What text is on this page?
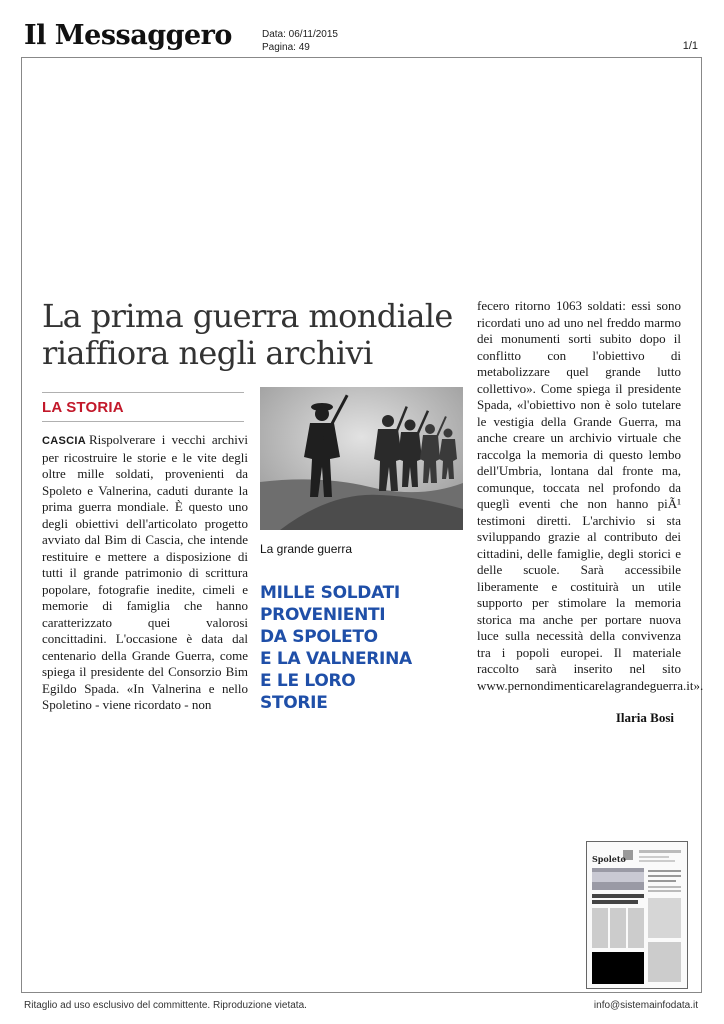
Il Messaggero	Data: 06/11/2015
Pagina: 49	1/1
La prima guerra mondiale
riaffiora negli archivi
LA STORIA

CASCIA Rispolverare i vecchi archivi per ricostruire le storie e le vite degli oltre mille soldati, provenienti da Spoleto e Valnerina, caduti durante la prima guerra mondiale. È questo uno degli obiettivi dell'articolato progetto avviato dal Bim di Cascia, che intende restituire e mettere a disposizione di tutti il grande patrimonio di scrittura popolare, fotografie inedite, cimeli e memorie di famiglia che hanno caratterizzato quei valorosi concittadini. L'occasione è data dal centenario della Grande Guerra, come spiega il presidente del Consorzio Bim Egildo Spada. «In Valnerina e nello Spoletino - viene ricordato - non

La grande guerra
MILLE SOLDATI
PROVENIENTI
DA SPOLETO
E LA VALNERINA
E LE LORO
STORIE

fecero ritorno 1063 soldati: essi sono ricordati uno ad uno nel freddo marmo dei monumenti sorti subito dopo il conflitto con l'obiettivo di metabolizzare quel grande lutto collettivo». Come spiega il presidente Spada, «l'obiettivo non è solo tutelare le vestigia della Grande Guerra, ma anche creare un archivio virtuale che raccolga la memoria di questo lembo dell'Umbria, lontana dal fronte ma, comunque, toccata nel profondo da queglì eventi che non hanno piÃ¹ testimoni diretti. L'archivio si sta sviluppando grazie al contributo dei cittadini, delle famiglie, degli storici e delle scuole. Sarà accessibile liberamente e costituirà un utile supporto per stimolare la memoria storica ma anche per portare nuova luce sulla necessità della convivenza tra i popoli europei. Il materiale raccolto sarà inserito nel sito www.pernondimenticarelagrandeguerra.it».

Ilaria Bosi
Spoleto
Ritaglio ad uso esclusivo del committente. Riproduzione vietata.	info@sistemainfodata.it
